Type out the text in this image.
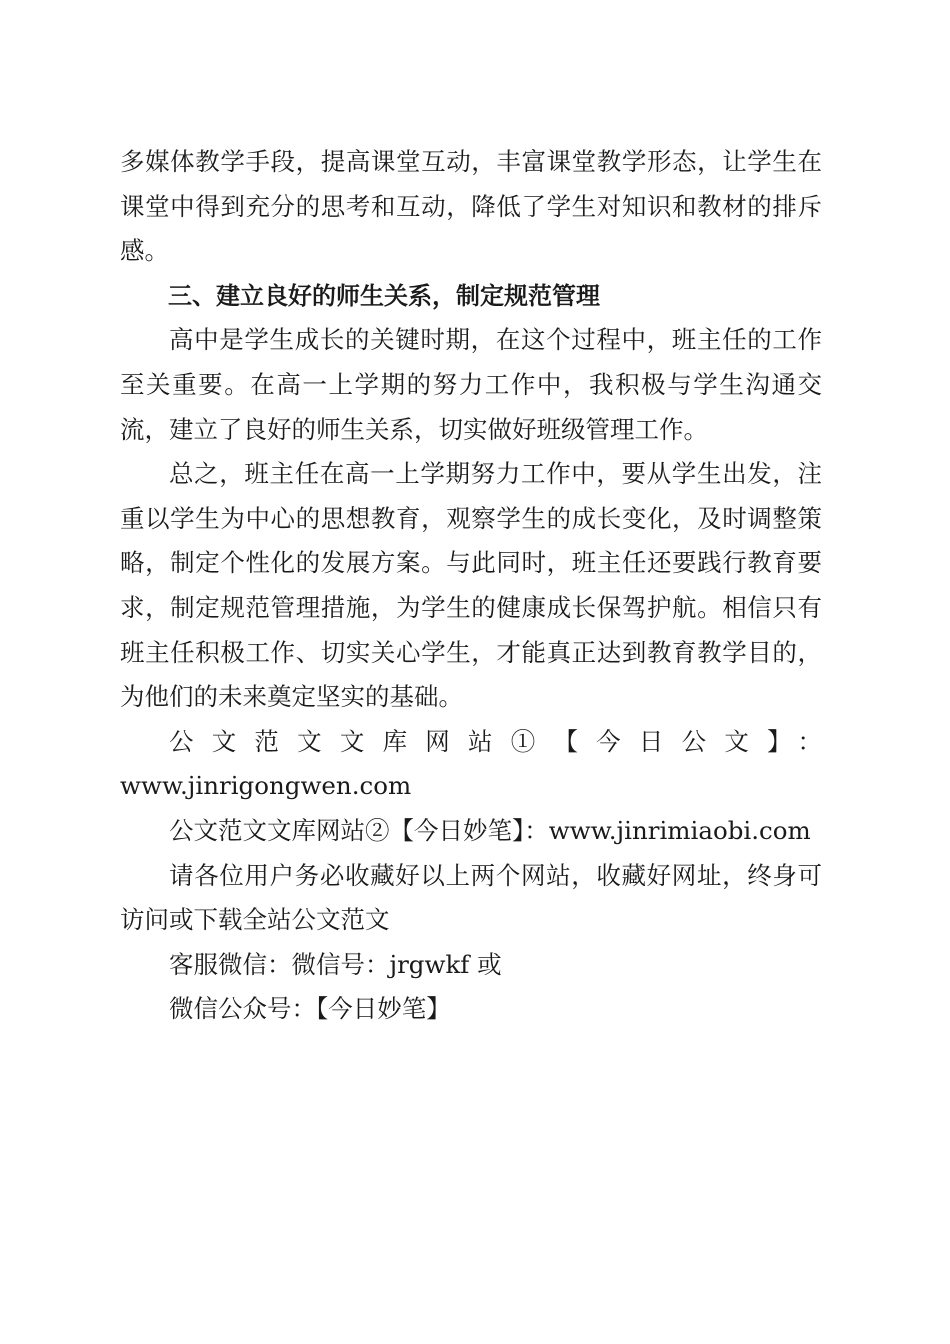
多媒体教学手段，提高课堂互动，丰富课堂教学形态，让学生在课堂中得到充分的思考和互动，降低了学生对知识和教材的排斥感。

三、建立良好的师生关系，制定规范管理

高中是学生成长的关键时期，在这个过程中，班主任的工作至关重要。在高一上学期的努力工作中，我积极与学生沟通交流，建立了良好的师生关系，切实做好班级管理工作。

总之，班主任在高一上学期努力工作中，要从学生出发，注重以学生为中心的思想教育，观察学生的成长变化，及时调整策略，制定个性化的发展方案。与此同时，班主任还要践行教育要求，制定规范管理措施，为学生的健康成长保驾护航。相信只有班主任积极工作、切实关心学生，才能真正达到教育教学目的，为他们的未来奠定坚实的基础。

公文范文文库网站①【今日公文】：

www.jinrigongwen.com

公文范文文库网站②【今日妙笔】：www.jinrimiaobi.com

请各位用户务必收藏好以上两个网站，收藏好网址，终身可访问或下载全站公文范文

客服微信：微信号：jrgwkf 或

微信公众号：【今日妙笔】
